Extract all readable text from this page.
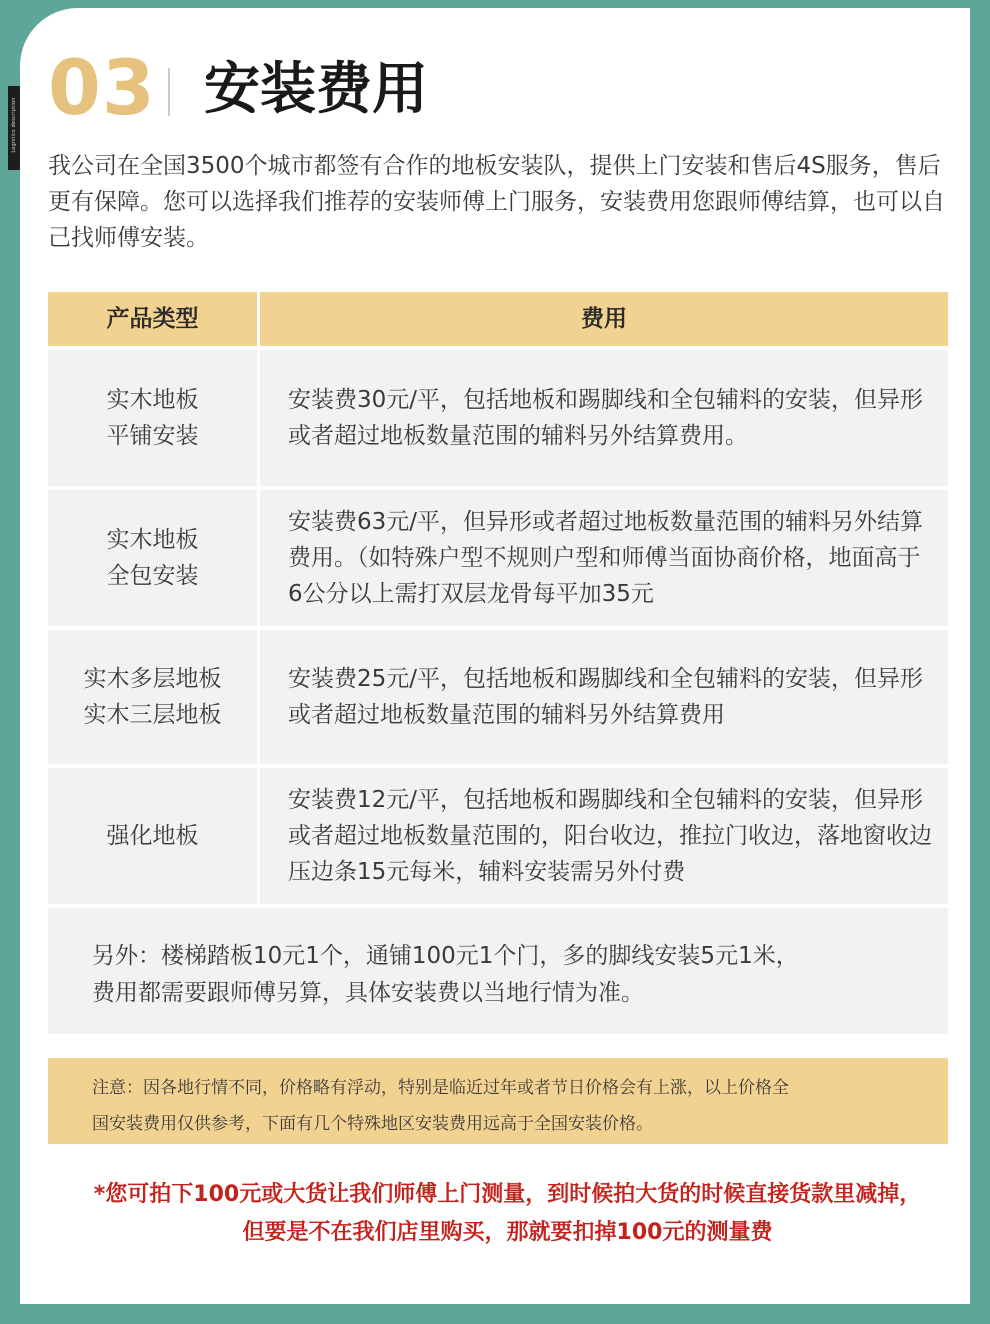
Logistics description 03 安装费用
我公司在全国3500个城市都签有合作的地板安装队，提供上门安装和售后4S服务，售后更有保障。您可以选择我们推荐的安装师傅上门服务，安装费用您跟师傅结算，也可以自己找师傅安装。
产品类型	费用
实木地板
平铺安装
安装费30元/平，包括地板和踢脚线和全包辅料的安装，但异形或者超过地板数量范围的辅料另外结算费用。
实木地板
全包安装
安装费63元/平，但异形或者超过地板数量范围的辅料另外结算费用。（如特殊户型不规则户型和师傅当面协商价格，地面高于6公分以上需打双层龙骨每平加35元
实木多层地板
实木三层地板
安装费25元/平，包括地板和踢脚线和全包辅料的安装，但异形或者超过地板数量范围的辅料另外结算费用
强化地板
安装费12元/平，包括地板和踢脚线和全包辅料的安装，但异形或者超过地板数量范围的，阳台收边，推拉门收边，落地窗收边压边条15元每米，辅料安装需另外付费
另外：楼梯踏板10元1个，通铺100元1个门，多的脚线安装5元1米，
费用都需要跟师傅另算，具体安装费以当地行情为准。
注意：因各地行情不同，价格略有浮动，特别是临近过年或者节日价格会有上涨，以上价格全
国安装费用仅供参考，下面有几个特殊地区安装费用远高于全国安装价格。
*您可拍下100元或大货让我们师傅上门测量，到时候拍大货的时候直接货款里减掉，
但要是不在我们店里购买，那就要扣掉100元的测量费
